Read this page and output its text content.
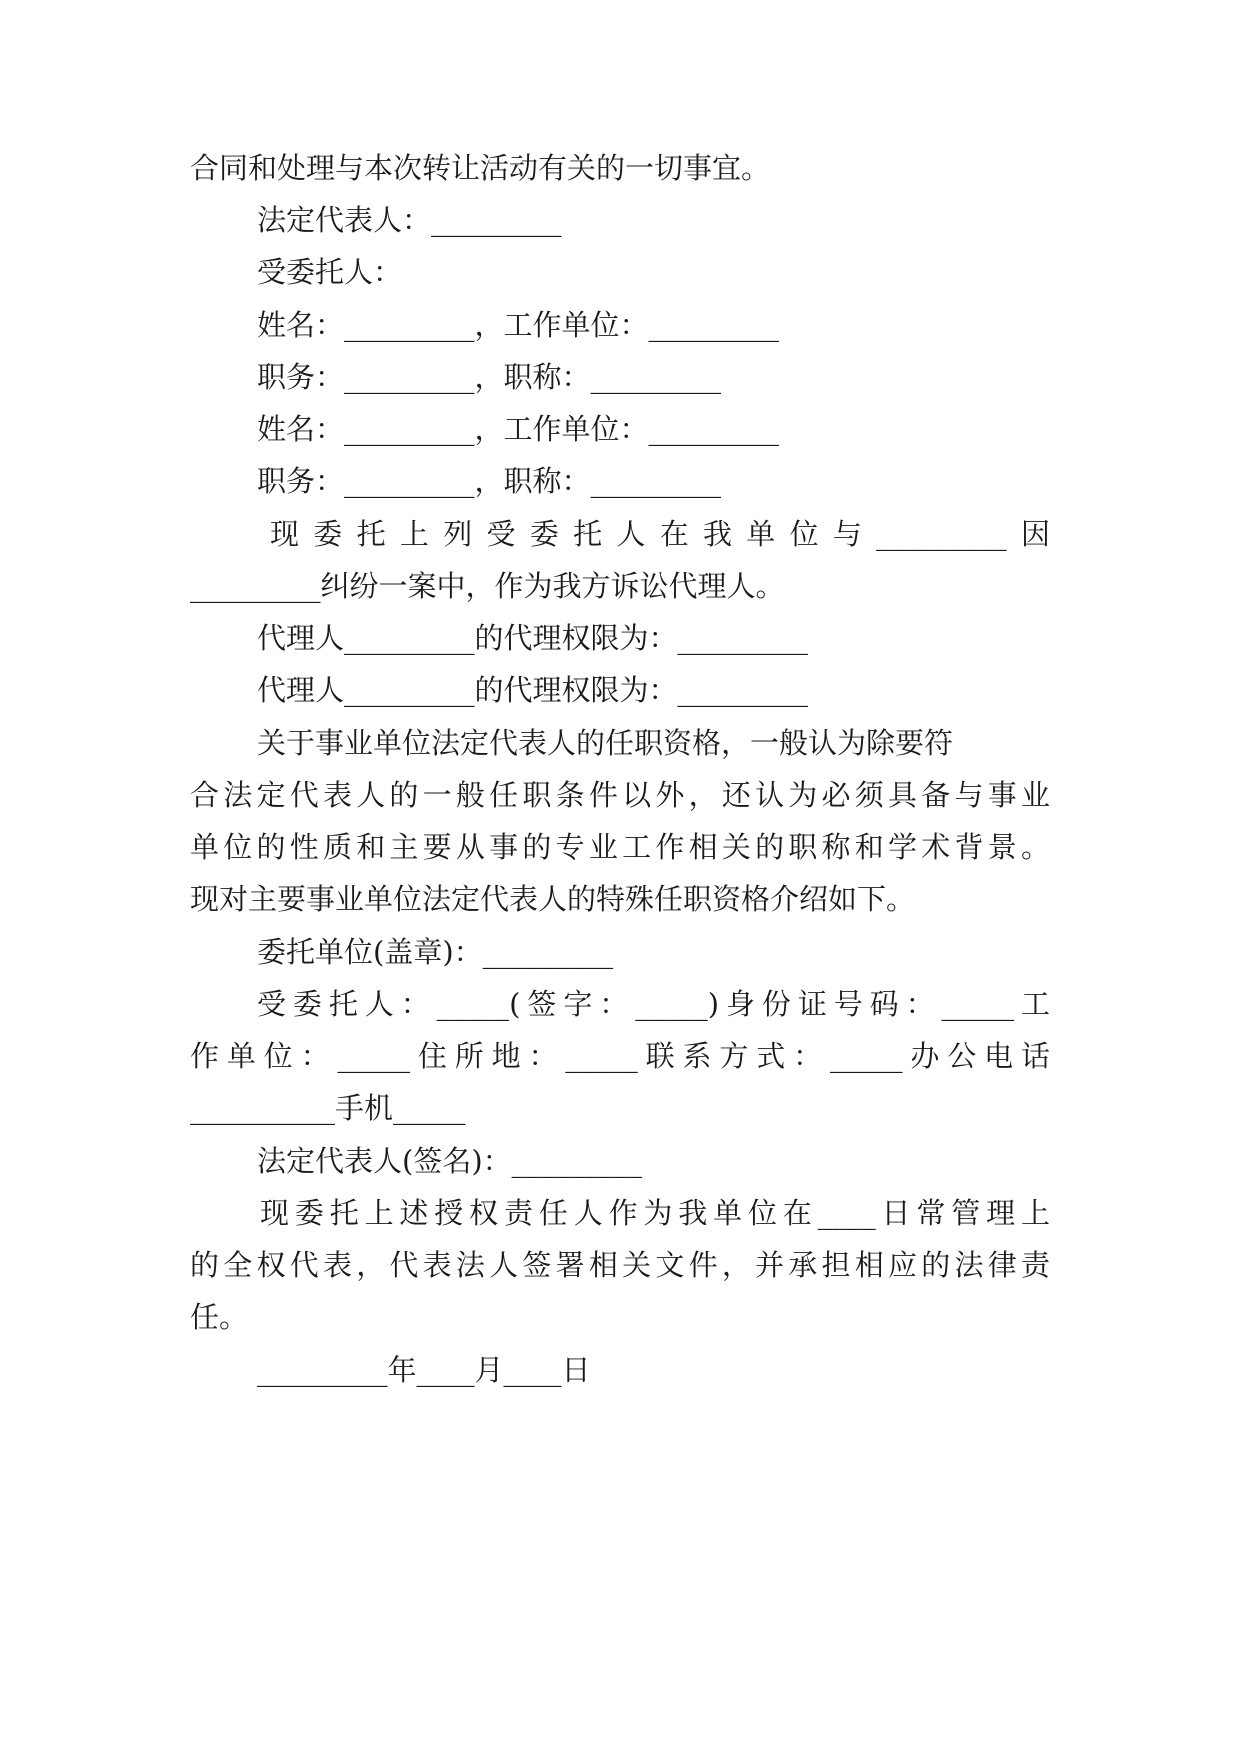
合同和处理与本次转让活动有关的一切事宜。
法定代表人：_________
受委托人：
姓名：_________，工作单位：_________
职务：_________，职称：_________
姓名：_________，工作单位：_________
职务：_________，职称：_________
现委托上列受委托人在我单位与_________因
_________纠纷一案中，作为我方诉讼代理人。
代理人_________的代理权限为：_________
代理人_________的代理权限为：_________
关于事业单位法定代表人的任职资格，一般认为除要符
合法定代表人的一般任职条件以外，还认为必须具备与事业
单位的性质和主要从事的专业工作相关的职称和学术背景。
现对主要事业单位法定代表人的特殊任职资格介绍如下。
委托单位(盖章)：_________
受委托人：_____(签字：_____)身份证号码：_____工
作单位：_____住所地：_____联系方式：_____办公电话
__________手机_____
法定代表人(签名)：_________
现委托上述授权责任人作为我单位在____日常管理上
的全权代表，代表法人签署相关文件，并承担相应的法律责
任。
_________年____月____日
